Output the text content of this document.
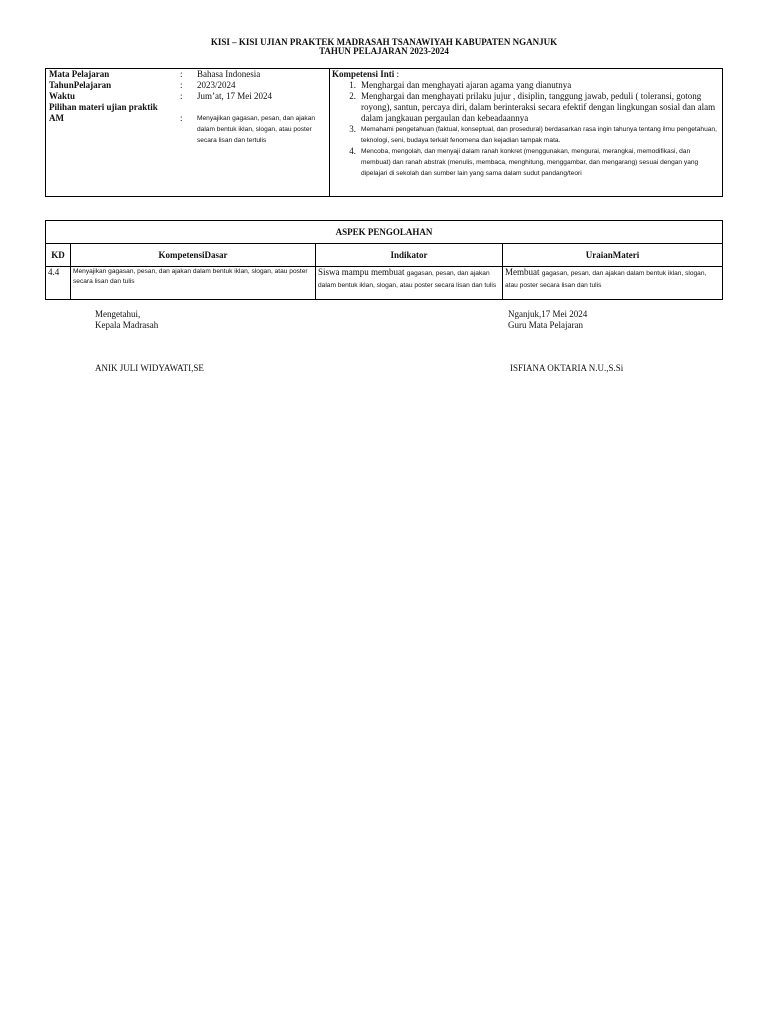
KISI – KISI UJIAN PRAKTEK MADRASAH TSANAWIYAH KABUPATEN NGANJUK
TAHUN PELAJARAN 2023-2024
Mata Pelajaran	:	Bahasa Indonesia
TahunPelajaran	:	2023/2024
Waktu	:	Jum’at, 17 Mei 2024
Pilihan materi ujian praktik
AM	:	Menyajikan gagasan, pesan, dan ajakan dalam bentuk iklan, slogan, atau poster secara lisan dan tertulis
Kompetensi Inti :
1. Menghargai dan menghayati ajaran agama yang dianutnya
2. Menghargai dan menghayati prilaku jujur , disiplin, tanggung jawab, peduli ( toleransi, gotong royong), santun, percaya diri, dalam berinteraksi secara efektif dengan lingkungan sosial dan alam dalam jangkauan pergaulan dan kebeadaannya
3. Memahami pengetahuan (faktual, konseptual, dan prosedural) berdasarkan rasa ingin tahunya tentang ilmu pengetahuan, teknologi, seni, budaya terkait fenomena dan kejadian tampak mata.
4. Mencoba, mengolah, dan menyaji dalam ranah konkret (menggunakan, mengurai, merangkai, memodifikasi, dan membuat) dan ranah abstrak (menulis, membaca, menghitung, menggambar, dan mengarang) sesuai dengan yang dipelajari di sekolah dan sumber lain yang sama dalam sudut pandang/teori
ASPEK PENGOLAHAN			
KD	KompetensiDasar	Indikator	UraianMateri
4.4	Menyajikan gagasan, pesan, dan ajakan dalam bentuk iklan, slogan, atau poster secara lisan dan tulis	Siswa mampu membuat gagasan, pesan, dan ajakan dalam bentuk iklan, slogan, atau poster secara lisan dan tulis	Membuat gagasan, pesan, dan ajakan dalam bentuk iklan, slogan, atau poster secara lisan dan tulis
Mengetahui,
Kepala Madrasah
Nganjuk,17 Mei 2024
Guru Mata Pelajaran
ANIK JULI WIDYAWATI,SE	ISFIANA OKTARIA N.U.,S.Si
